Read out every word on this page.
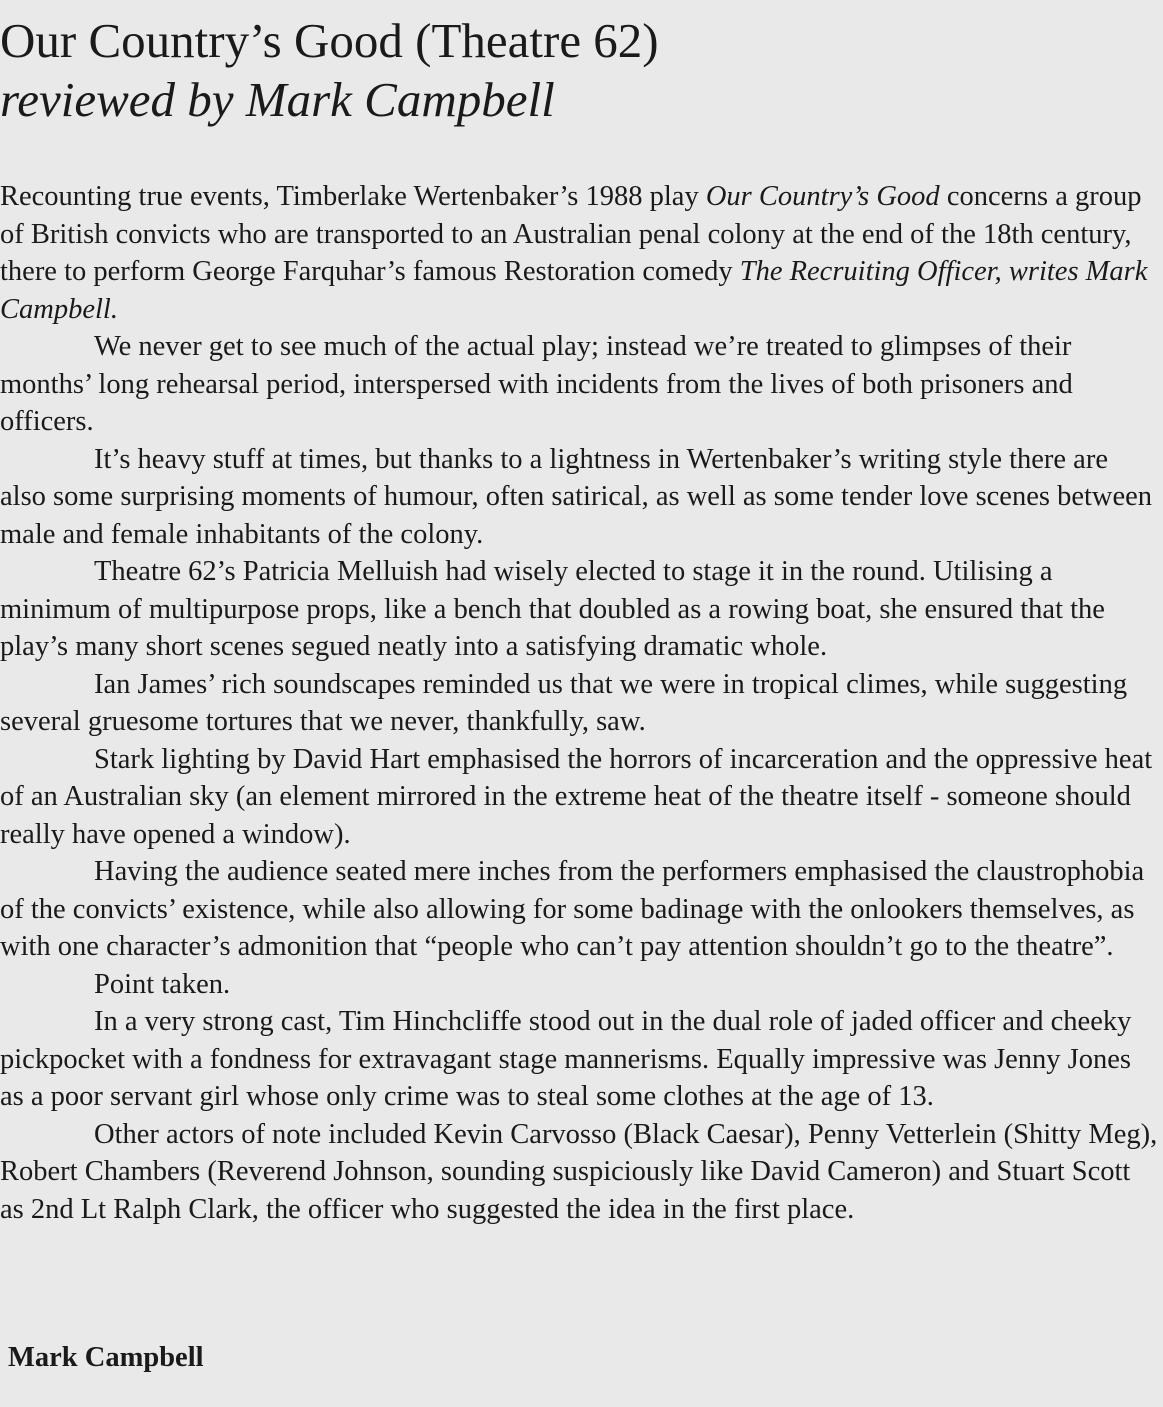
Our Country’s Good (Theatre 62)
reviewed by Mark Campbell

Recounting true events, Timberlake Wertenbaker’s 1988 play Our Country’s Good concerns a group of British convicts who are transported to an Australian penal colony at the end of the 18th century, there to perform George Farquhar’s famous Restoration comedy The Recruiting Officer, writes Mark Campbell.

We never get to see much of the actual play; instead we’re treated to glimpses of their months’ long rehearsal period, interspersed with incidents from the lives of both prisoners and officers.

It’s heavy stuff at times, but thanks to a lightness in Wertenbaker’s writing style there are also some surprising moments of humour, often satirical, as well as some tender love scenes between male and female inhabitants of the colony.

Theatre 62’s Patricia Melluish had wisely elected to stage it in the round. Utilising a minimum of multipurpose props, like a bench that doubled as a rowing boat, she ensured that the play’s many short scenes segued neatly into a satisfying dramatic whole.

Ian James’ rich soundscapes reminded us that we were in tropical climes, while suggesting several gruesome tortures that we never, thankfully, saw.

Stark lighting by David Hart emphasised the horrors of incarceration and the oppressive heat of an Australian sky (an element mirrored in the extreme heat of the theatre itself - someone should really have opened a window).

Having the audience seated mere inches from the performers emphasised the claustrophobia of the convicts’ existence, while also allowing for some badinage with the onlookers themselves, as with one character’s admonition that “people who can’t pay attention shouldn’t go to the theatre”.

Point taken.

In a very strong cast, Tim Hinchcliffe stood out in the dual role of jaded officer and cheeky pickpocket with a fondness for extravagant stage mannerisms. Equally impressive was Jenny Jones as a poor servant girl whose only crime was to steal some clothes at the age of 13.

Other actors of note included Kevin Carvosso (Black Caesar), Penny Vetterlein (Shitty Meg), Robert Chambers (Reverend Johnson, sounding suspiciously like David Cameron) and Stuart Scott as 2nd Lt Ralph Clark, the officer who suggested the idea in the first place.

Mark Campbell
